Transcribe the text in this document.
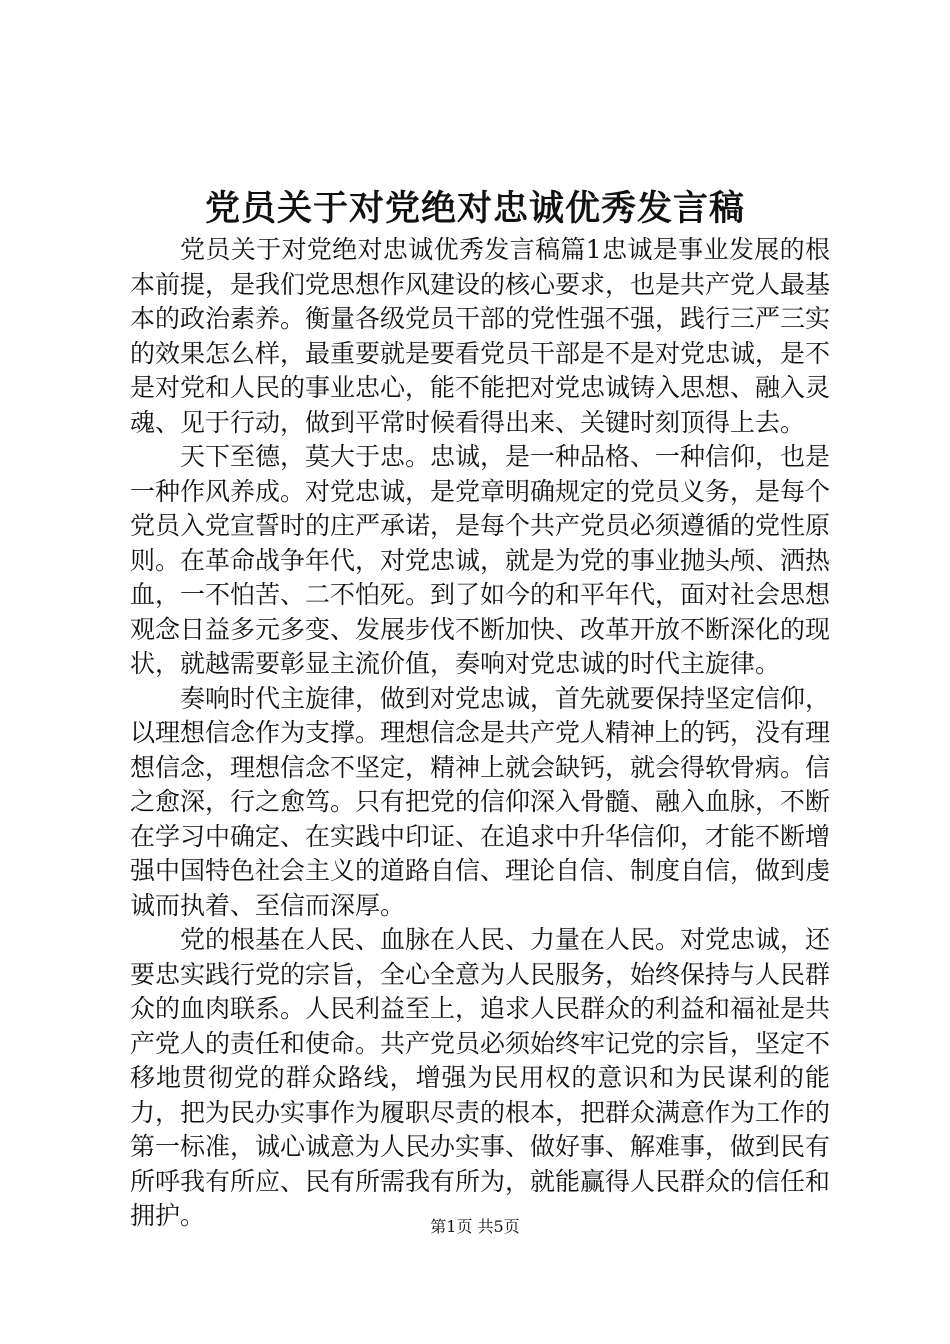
党员关于对党绝对忠诚优秀发言稿

党员关于对党绝对忠诚优秀发言稿篇1忠诚是事业发展的根本前提，是我们党思想作风建设的核心要求，也是共产党人最基本的政治素养。衡量各级党员干部的党性强不强，践行三严三实的效果怎么样，最重要就是要看党员干部是不是对党忠诚，是不是对党和人民的事业忠心，能不能把对党忠诚铸入思想、融入灵魂、见于行动，做到平常时候看得出来、关键时刻顶得上去。

天下至德，莫大于忠。忠诚，是一种品格、一种信仰，也是一种作风养成。对党忠诚，是党章明确规定的党员义务，是每个党员入党宣誓时的庄严承诺，是每个共产党员必须遵循的党性原则。在革命战争年代，对党忠诚，就是为党的事业抛头颅、洒热血，一不怕苦、二不怕死。到了如今的和平年代，面对社会思想观念日益多元多变、发展步伐不断加快、改革开放不断深化的现状，就越需要彰显主流价值，奏响对党忠诚的时代主旋律。

奏响时代主旋律，做到对党忠诚，首先就要保持坚定信仰，以理想信念作为支撑。理想信念是共产党人精神上的钙，没有理想信念，理想信念不坚定，精神上就会缺钙，就会得软骨病。信之愈深，行之愈笃。只有把党的信仰深入骨髓、融入血脉，不断在学习中确定、在实践中印证、在追求中升华信仰，才能不断增强中国特色社会主义的道路自信、理论自信、制度自信，做到虔诚而执着、至信而深厚。

党的根基在人民、血脉在人民、力量在人民。对党忠诚，还要忠实践行党的宗旨，全心全意为人民服务，始终保持与人民群众的血肉联系。人民利益至上，追求人民群众的利益和福祉是共产党人的责任和使命。共产党员必须始终牢记党的宗旨，坚定不移地贯彻党的群众路线，增强为民用权的意识和为民谋利的能力，把为民办实事作为履职尽责的根本，把群众满意作为工作的第一标准，诚心诚意为人民办实事、做好事、解难事，做到民有所呼我有所应、民有所需我有所为，就能赢得人民群众的信任和拥护。	第1页 共5页
